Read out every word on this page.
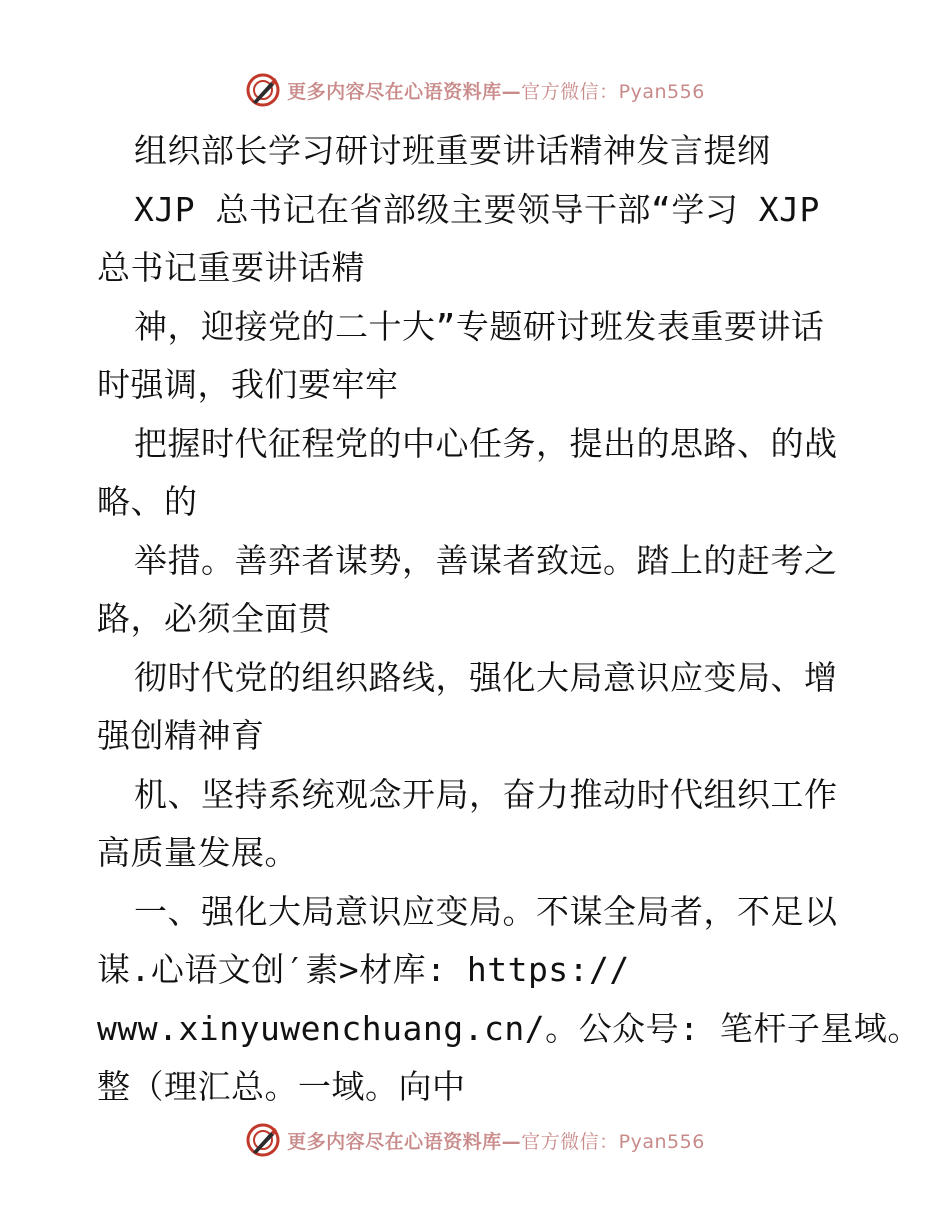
更多内容尽在心语资料库—官方微信：Pyan556
组织部长学习研讨班重要讲话精神发言提纲
XJP 总书记在省部级主要领导干部“学习 XJP
总书记重要讲话精
神，迎接党的二十大”专题研讨班发表重要讲话
时强调，我们要牢牢
把握时代征程党的中心任务，提出的思路、的战
略、的
举措。善弈者谋势，善谋者致远。踏上的赶考之
路，必须全面贯
彻时代党的组织路线，强化大局意识应变局、增
强创精神育
机、坚持系统观念开局，奋力推动时代组织工作
高质量发展。
一、强化大局意识应变局。不谋全局者，不足以
谋.心语文创′素>材库: https://
www.xinyuwenchuang.cn/。公众号: 笔杆子星域。
整（理汇总。一域。向中
更多内容尽在心语资料库—官方微信：Pyan556
